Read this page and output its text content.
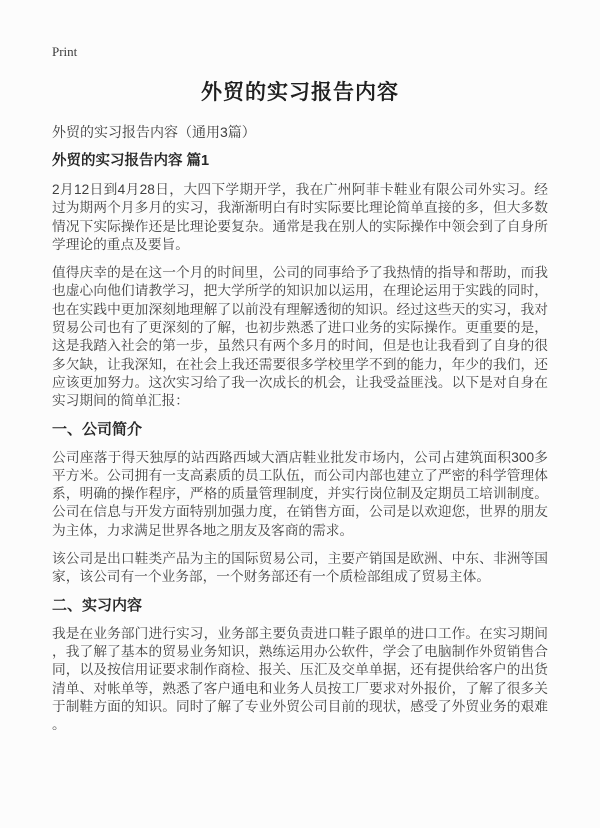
Print
外贸的实习报告内容

外贸的实习报告内容（通用3篇）

外贸的实习报告内容 篇1

2月12日到4月28日，大四下学期开学，我在广州阿菲卡鞋业有限公司外实习。经过为期两个月多月的实习，我渐渐明白有时实际要比理论简单直接的多，但大多数情况下实际操作还是比理论要复杂。通常是我在别人的实际操作中领会到了自身所学理论的重点及要旨。

值得庆幸的是在这一个月的时间里，公司的同事给予了我热情的指导和帮助，而我也虚心向他们请教学习，把大学所学的知识加以运用，在理论运用于实践的同时，也在实践中更加深刻地理解了以前没有理解透彻的知识。经过这些天的实习，我对贸易公司也有了更深刻的了解，也初步熟悉了进口业务的实际操作。更重要的是，这是我踏入社会的第一步，虽然只有两个多月的时间，但是也让我看到了自身的很多欠缺，让我深知，在社会上我还需要很多学校里学不到的能力，年少的我们，还应该更加努力。这次实习给了我一次成长的机会，让我受益匪浅。以下是对自身在实习期间的简单汇报：

一、公司简介

公司座落于得天独厚的站西路西域大酒店鞋业批发市场内，公司占建筑面积300多平方米。公司拥有一支高素质的员工队伍，而公司内部也建立了严密的科学管理体系，明确的操作程序，严格的质量管理制度，并实行岗位制及定期员工培训制度。公司在信息与开发方面特别加强力度，在销售方面，公司是以欢迎您，世界的朋友为主体，力求满足世界各地之朋友及客商的需求。

该公司是出口鞋类产品为主的国际贸易公司，主要产销国是欧洲、中东、非洲等国家，该公司有一个业务部，一个财务部还有一个质检部组成了贸易主体。

二、实习内容

我是在业务部门进行实习，业务部主要负责进口鞋子跟单的进口工作。在实习期间，我了解了基本的贸易业务知识，熟练运用办公软件，学会了电脑制作外贸销售合同，以及按信用证要求制作商检、报关、压汇及交单单据，还有提供给客户的出货清单、对帐单等，熟悉了客户通电和业务人员按工厂要求对外报价，了解了很多关于制鞋方面的知识。同时了解了专业外贸公司目前的现状，感受了外贸业务的艰难。
